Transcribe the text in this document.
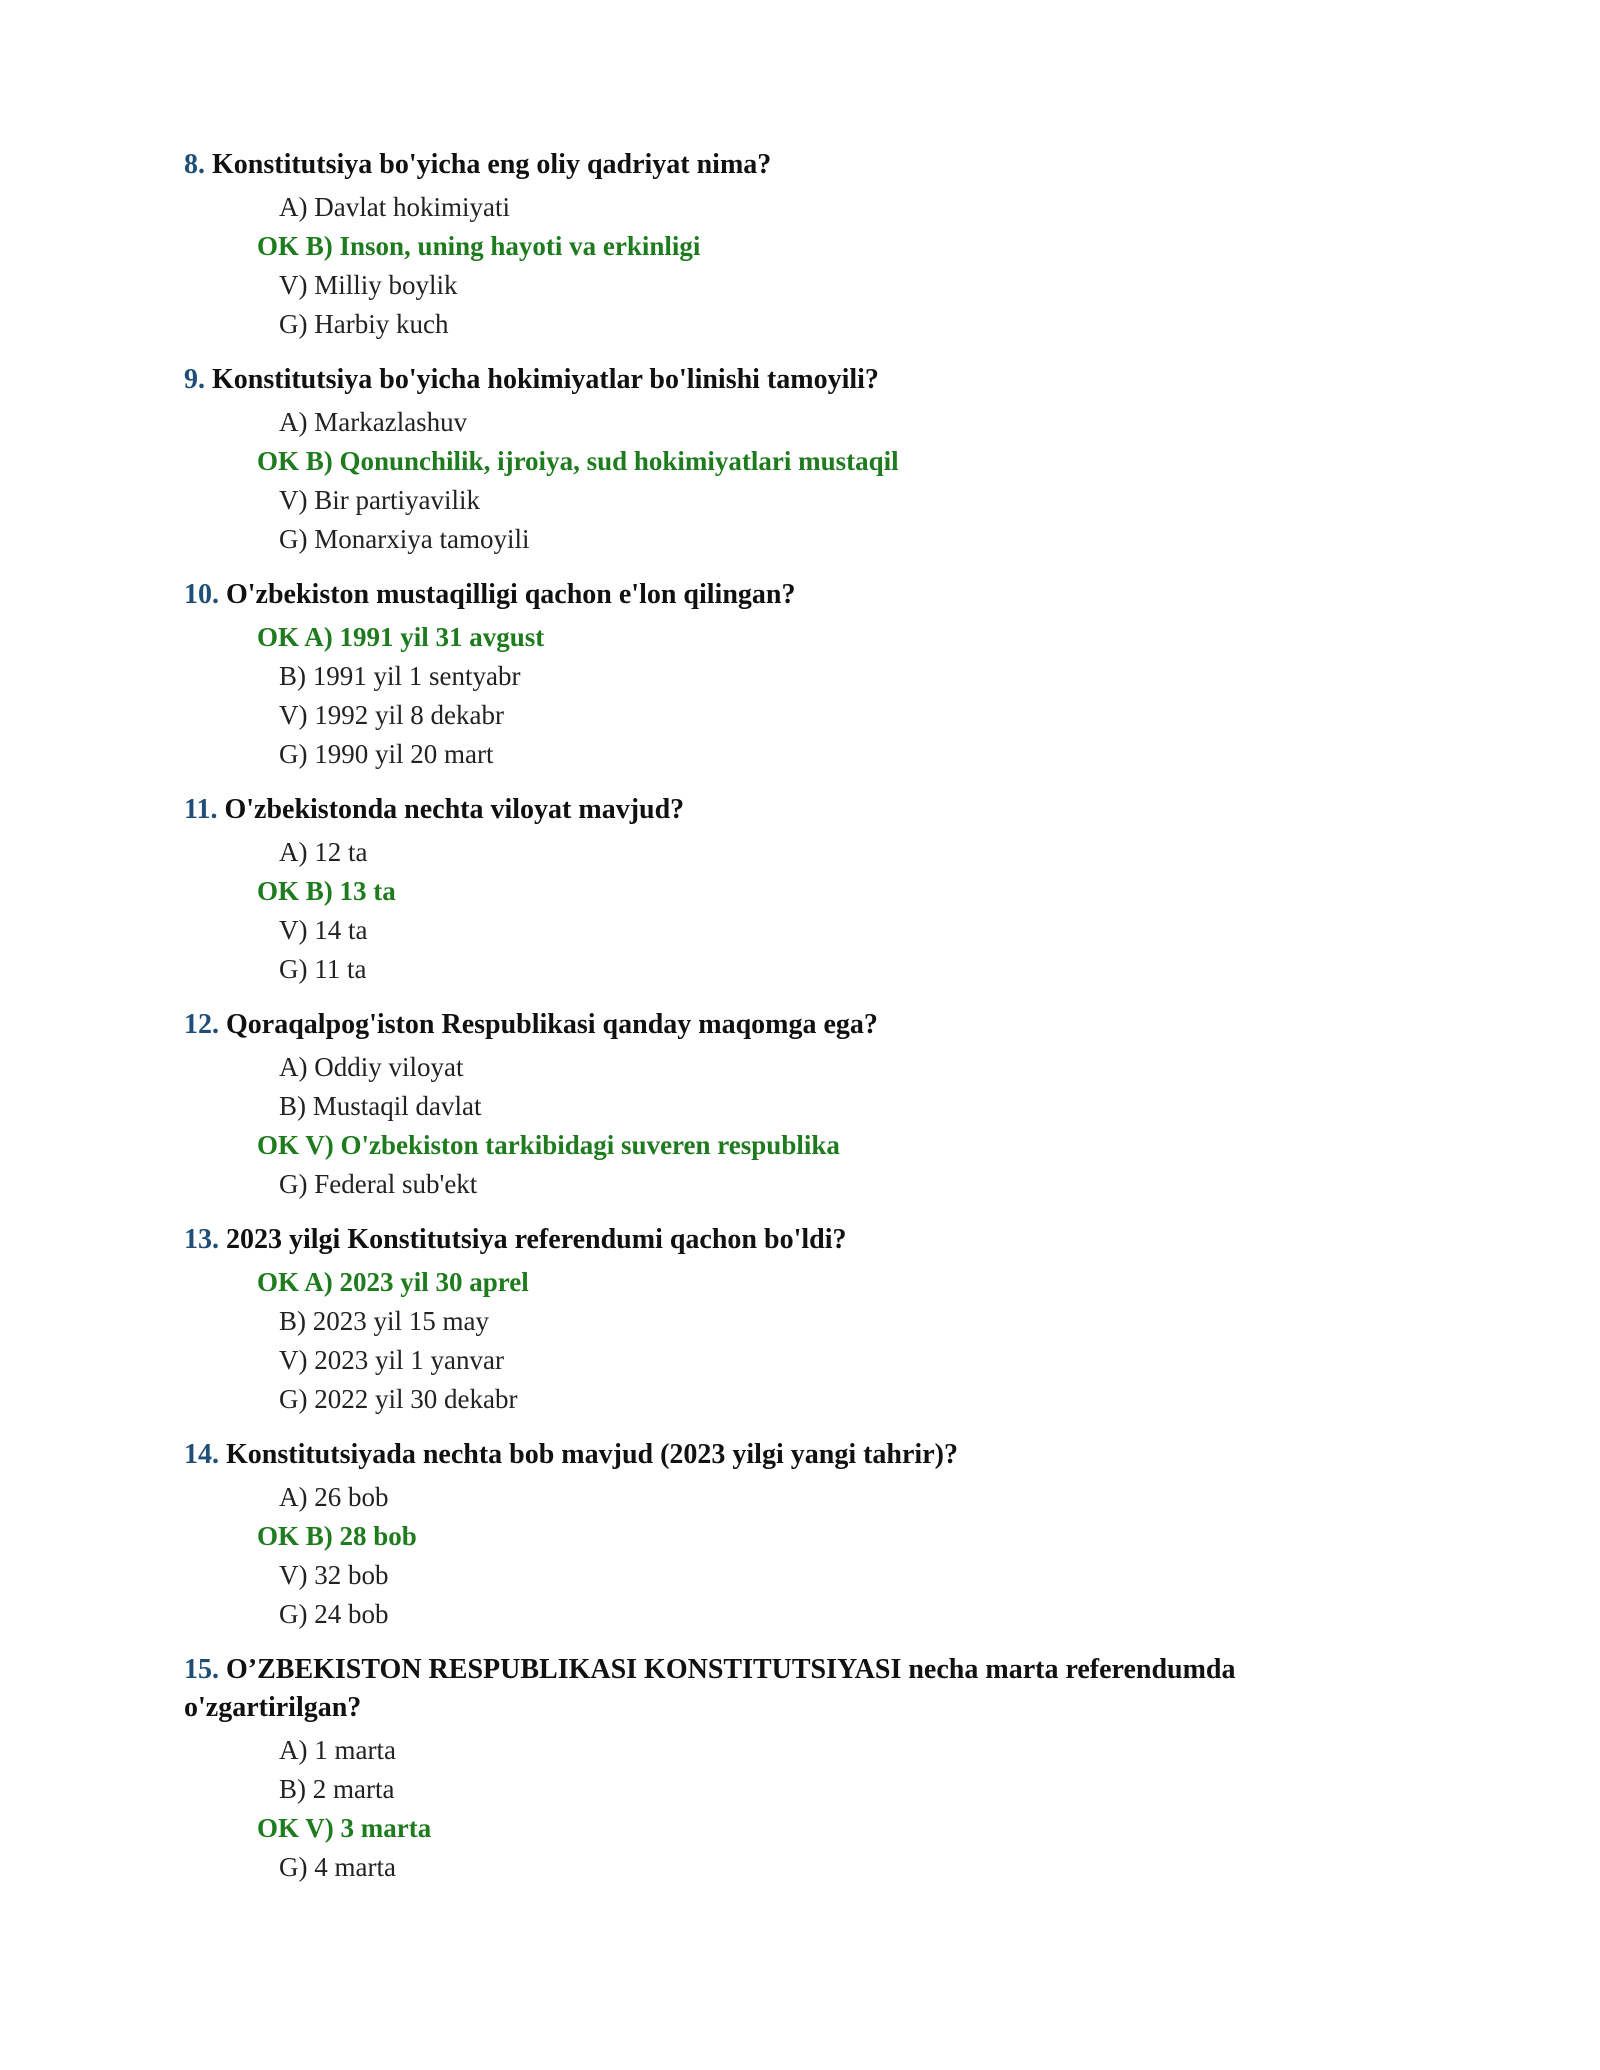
8. Konstitutsiya bo'yicha eng oliy qadriyat nima?
A) Davlat hokimiyati
OK B) Inson, uning hayoti va erkinligi
V) Milliy boylik
G) Harbiy kuch
9. Konstitutsiya bo'yicha hokimiyatlar bo'linishi tamoyili?
A) Markazlashuv
OK B) Qonunchilik, ijroiya, sud hokimiyatlari mustaqil
V) Bir partiyavilik
G) Monarxiya tamoyili
10. O'zbekiston mustaqilligi qachon e'lon qilingan?
OK A) 1991 yil 31 avgust
B) 1991 yil 1 sentyabr
V) 1992 yil 8 dekabr
G) 1990 yil 20 mart
11. O'zbekistonda nechta viloyat mavjud?
A) 12 ta
OK B) 13 ta
V) 14 ta
G) 11 ta
12. Qoraqalpog'iston Respublikasi qanday maqomga ega?
A) Oddiy viloyat
B) Mustaqil davlat
OK V) O'zbekiston tarkibidagi suveren respublika
G) Federal sub'ekt
13. 2023 yilgi Konstitutsiya referendumi qachon bo'ldi?
OK A) 2023 yil 30 aprel
B) 2023 yil 15 may
V) 2023 yil 1 yanvar
G) 2022 yil 30 dekabr
14. Konstitutsiyada nechta bob mavjud (2023 yilgi yangi tahrir)?
A) 26 bob
OK B) 28 bob
V) 32 bob
G) 24 bob
15. O’ZBEKISTON RESPUBLIKASI KONSTITUTSIYASI necha marta referendumda o'zgartirilgan?
A) 1 marta
B) 2 marta
OK V) 3 marta
G) 4 marta
